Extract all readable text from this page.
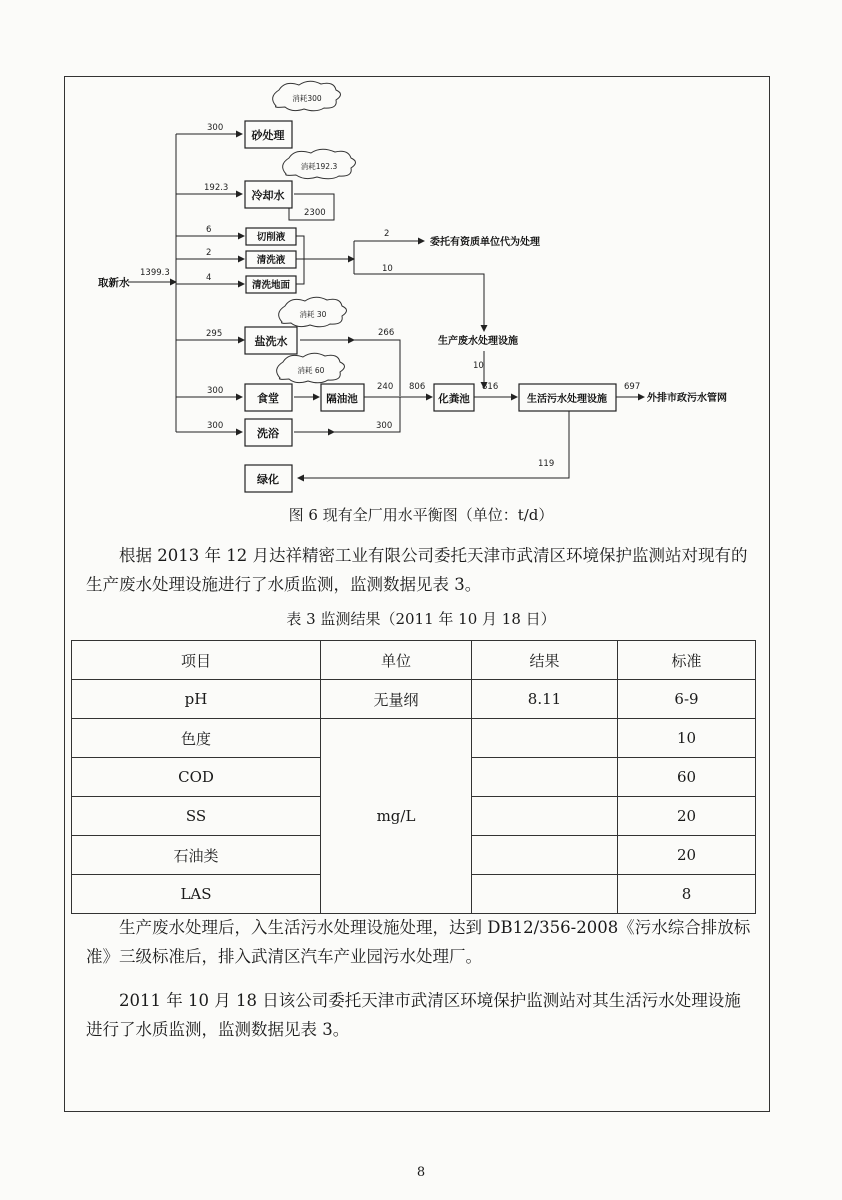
砂处理
冷却水
切削液
清洗液
清洗地面
盐洗水
食堂	隔油池
洗浴
绿化
化粪池	生活污水处理设施
取新水
委托有资质单位代为处理
生产废水处理设施
外排市政污水管网
消耗300
消耗192.3
消耗 30
消耗 60
1399.3
300
192.3
2300
6
2
4
295
300
300
2
10
266
240
300
806	816
10
697
119
图 6 现有全厂用水平衡图（单位：t/d）
根据 2013 年 12 月达祥精密工业有限公司委托天津市武清区环境保护监测站对现有的生产废水处理设施进行了水质监测，监测数据见表 3。
表 3 监测结果（2011 年 10 月 18 日）
项目	单位	结果	标准
pH	无量纲	8.11	6-9
色度	mg/L		10
COD			60
SS			20
石油类			20
LAS			8
生产废水处理后，入生活污水处理设施处理，达到 DB12/356-2008《污水综合排放标准》三级标准后，排入武清区汽车产业园污水处理厂。
2011 年 10 月 18 日该公司委托天津市武清区环境保护监测站对其生活污水处理设施进行了水质监测，监测数据见表 3。
8
